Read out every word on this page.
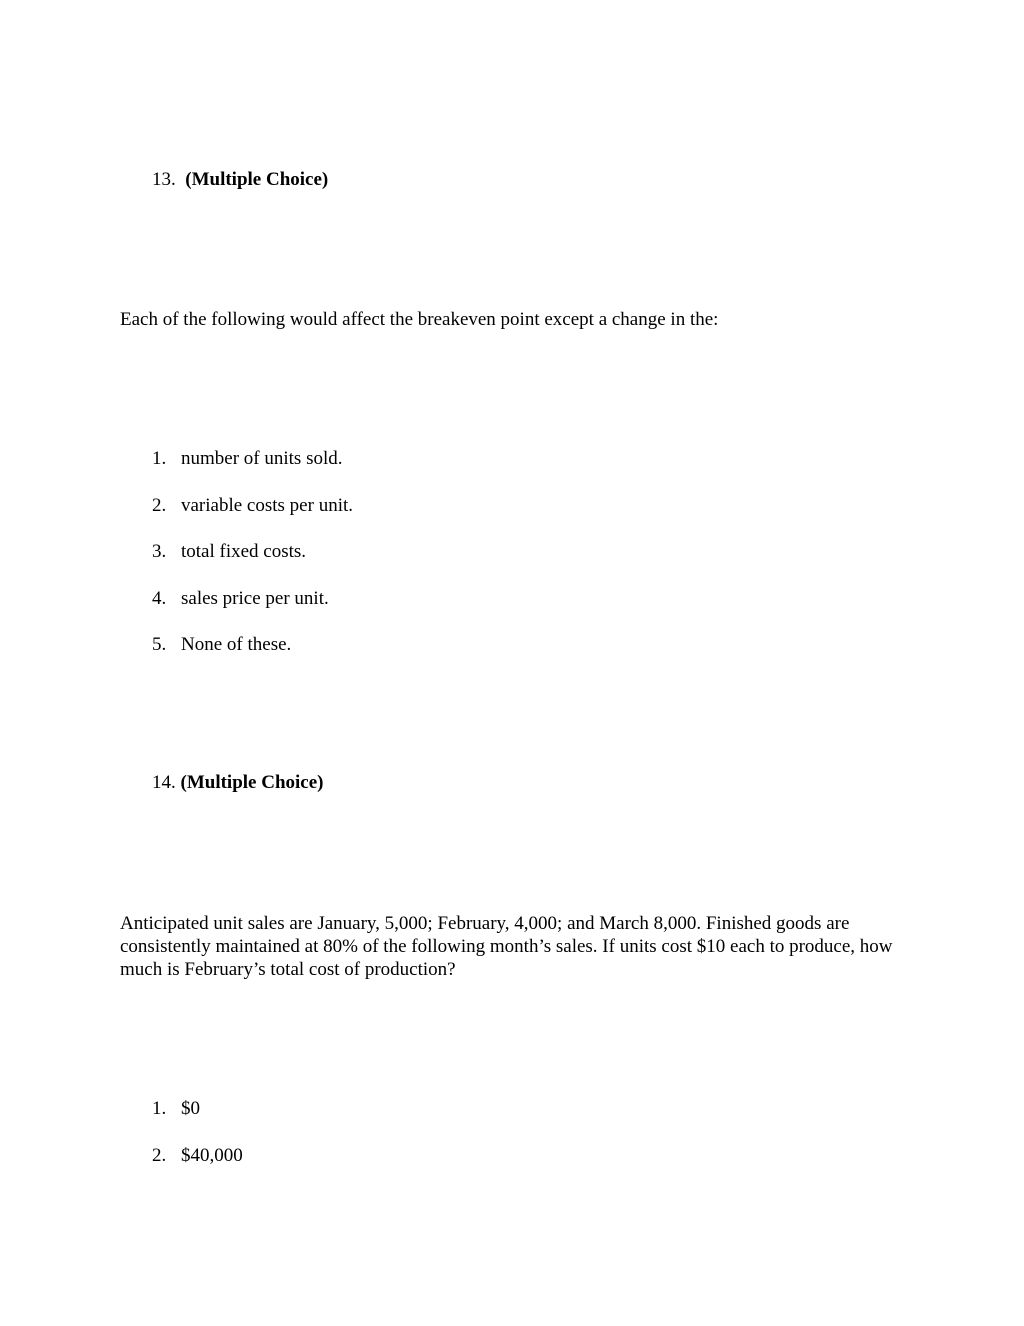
13. (Multiple Choice)
Each of the following would affect the breakeven point except a change in the:
1. number of units sold.
2. variable costs per unit.
3. total fixed costs.
4. sales price per unit.
5. None of these.
14. (Multiple Choice)
Anticipated unit sales are January, 5,000; February, 4,000; and March 8,000. Finished goods are consistently maintained at 80% of the following month’s sales. If units cost $10 each to produce, how much is February’s total cost of production?
1. $0
2. $40,000
